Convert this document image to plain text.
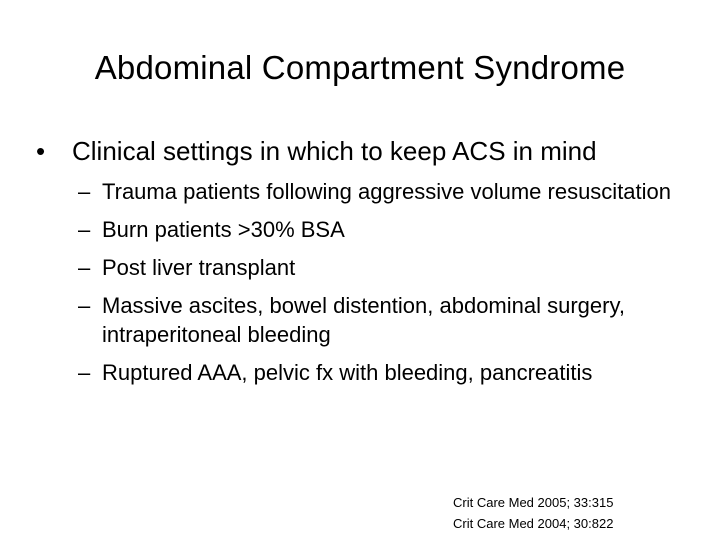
Abdominal Compartment Syndrome
•	Clinical settings in which to keep ACS in mind
– Trauma patients following aggressive volume resuscitation
– Burn patients >30% BSA
– Post liver transplant
– Massive ascites, bowel distention, abdominal surgery, intraperitoneal bleeding
– Ruptured AAA, pelvic fx with bleeding, pancreatitis
Crit Care Med 2005; 33:315
Crit Care Med 2004; 30:822
